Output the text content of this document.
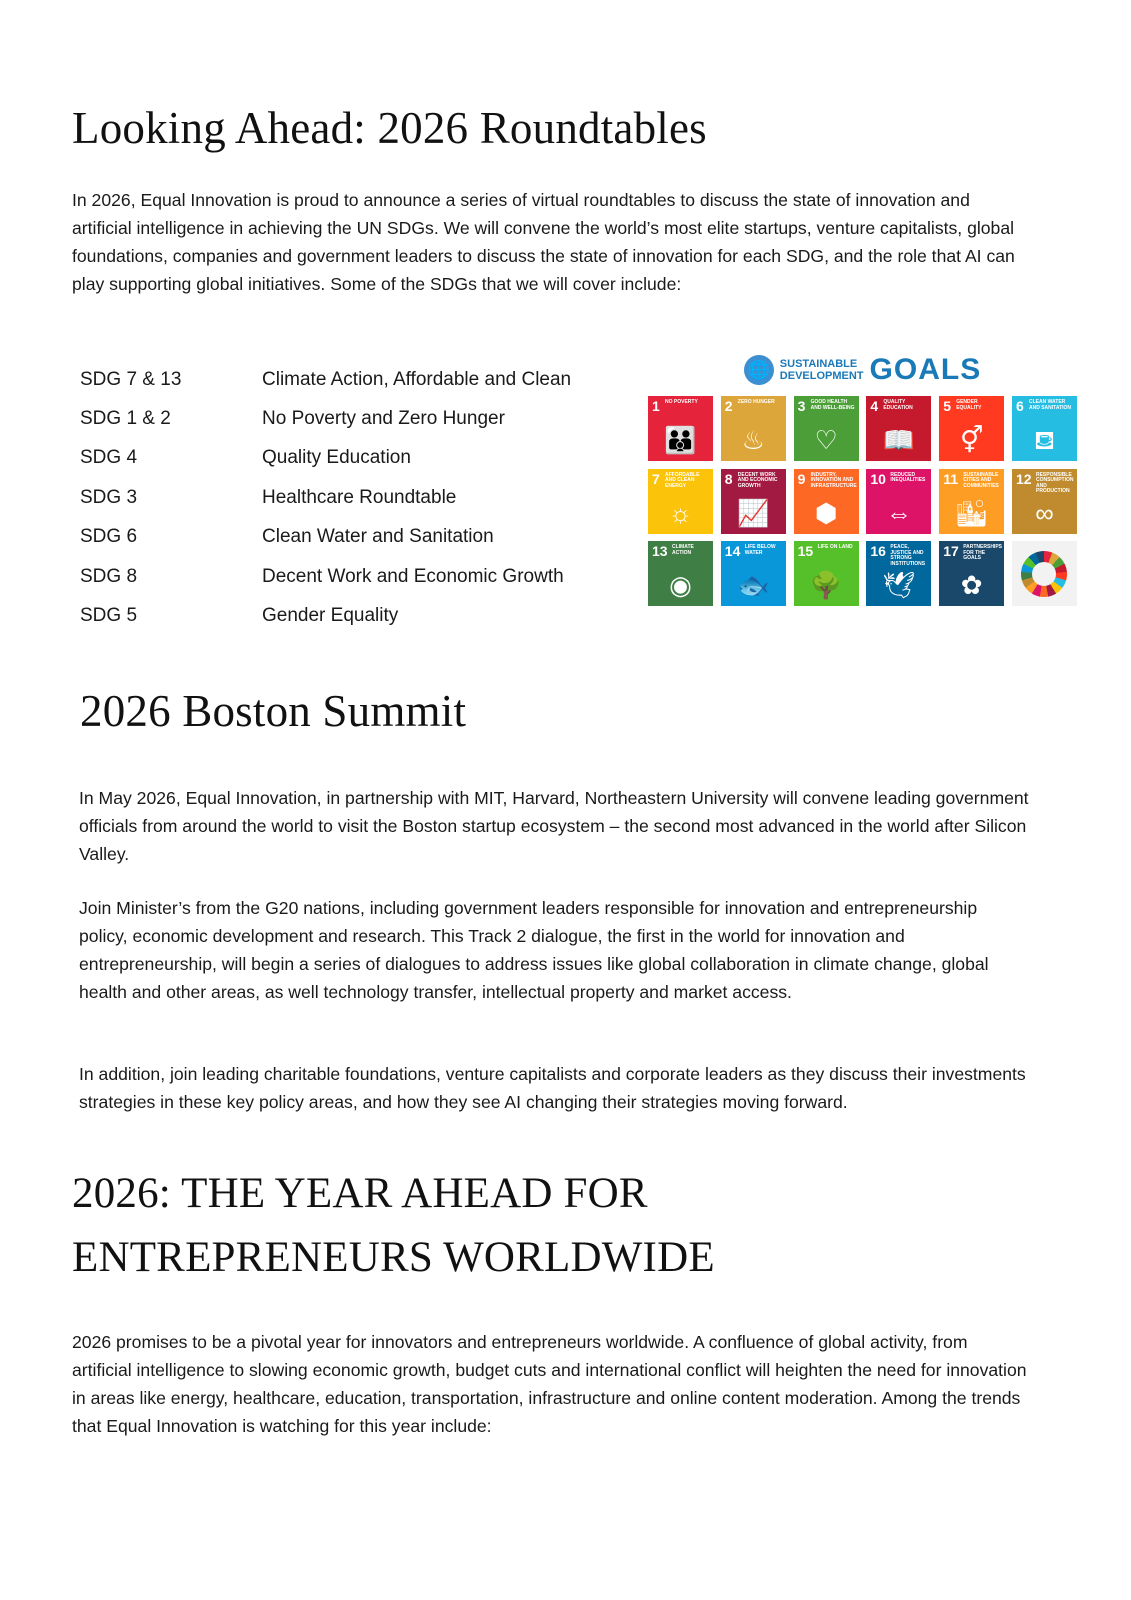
Looking Ahead: 2026 Roundtables

In 2026, Equal Innovation is proud to announce a series of virtual roundtables to discuss the state of innovation and artificial intelligence in achieving the UN SDGs. We will convene the world’s most elite startups, venture capitalists, global foundations, companies and government leaders to discuss the state of innovation for each SDG, and the role that AI can play supporting global initiatives. Some of the SDGs that we will cover include:

SDG 7 & 13	Climate Action, Affordable and Clean
SDG 1 & 2	No Poverty and Zero Hunger
SDG 4	Quality Education
SDG 3	Healthcare Roundtable
SDG 6	Clean Water and Sanitation
SDG 8	Decent Work and Economic Growth
SDG 5	Gender Equality
🌐 SUSTAINABLE
DEVELOPMENT GOALS
1 NO POVERTY
👪
2 ZERO HUNGER
♨
3 GOOD HEALTH AND WELL-BEING
♡
4 QUALITY EDUCATION
📖
5 GENDER EQUALITY
⚥
6 CLEAN WATER AND SANITATION
⛾
7 AFFORDABLE AND CLEAN ENERGY
☼
8 DECENT WORK AND ECONOMIC GROWTH
📈
9 INDUSTRY, INNOVATION AND INFRASTRUCTURE
⬢
10 REDUCED INEQUALITIES
⇔
11 SUSTAINABLE CITIES AND COMMUNITIES
🏙
12 RESPONSIBLE CONSUMPTION AND PRODUCTION
∞
13 CLIMATE ACTION
◉
14 LIFE BELOW WATER
🐟
15 LIFE ON LAND
🌳
16 PEACE, JUSTICE AND STRONG INSTITUTIONS
🕊
17 PARTNERSHIPS FOR THE GOALS
✿
2026 Boston Summit

In May 2026, Equal Innovation, in partnership with MIT, Harvard, Northeastern University will convene leading government officials from around the world to visit the Boston startup ecosystem – the second most advanced in the world after Silicon Valley.

Join Minister’s from the G20 nations, including government leaders responsible for innovation and entrepreneurship policy, economic development and research. This Track 2 dialogue, the first in the world for innovation and entrepreneurship, will begin a series of dialogues to address issues like global collaboration in climate change, global health and other areas, as well technology transfer, intellectual property and market access.

In addition, join leading charitable foundations, venture capitalists and corporate leaders as they discuss their investments strategies in these key policy areas, and how they see AI changing their strategies moving forward.

2026: THE YEAR AHEAD FOR
ENTREPRENEURS WORLDWIDE

2026 promises to be a pivotal year for innovators and entrepreneurs worldwide. A confluence of global activity, from artificial intelligence to slowing economic growth, budget cuts and international conflict will heighten the need for innovation in areas like energy, healthcare, education, transportation, infrastructure and online content moderation. Among the trends that Equal Innovation is watching for this year include:
